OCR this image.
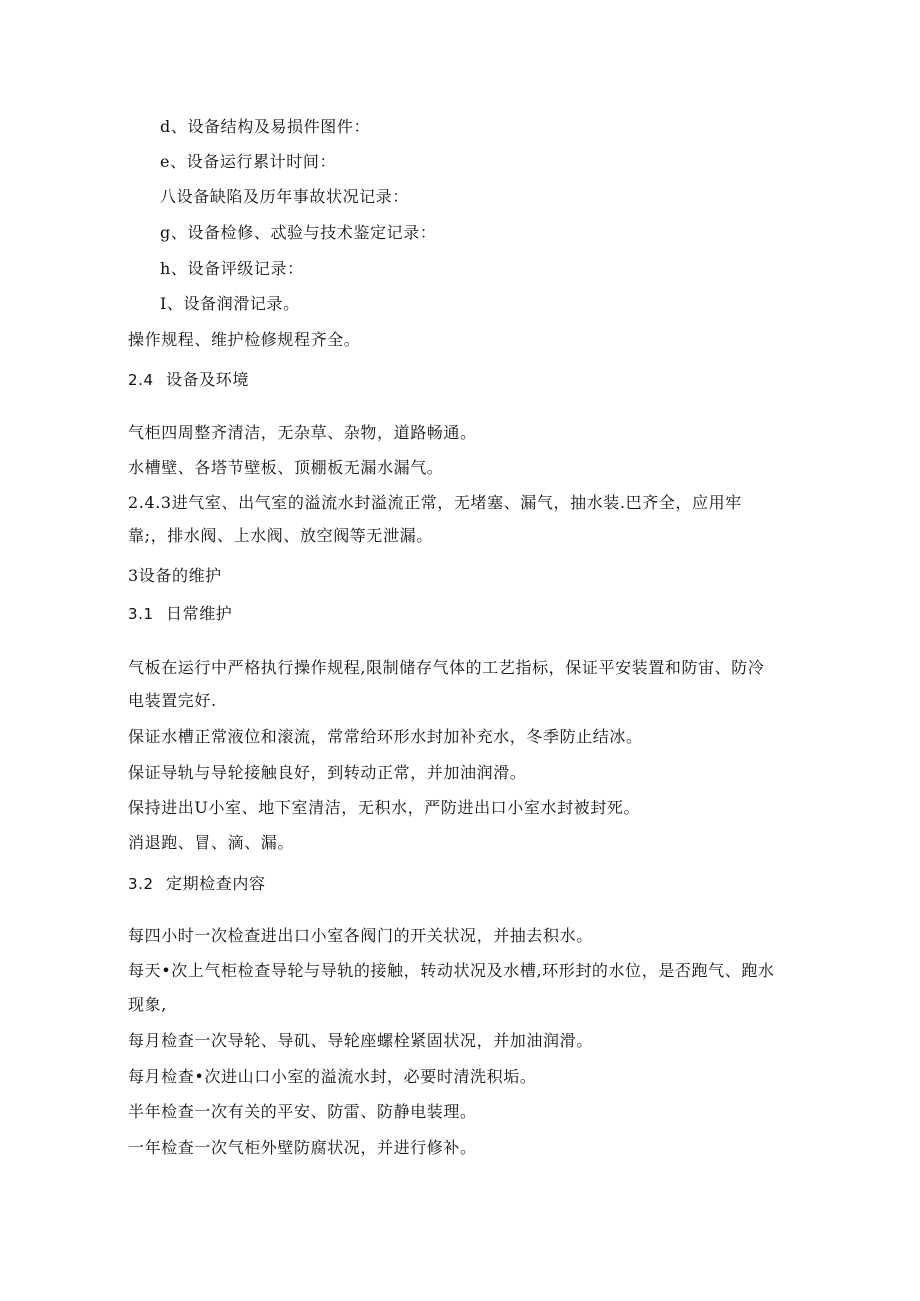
d、设备结构及易损件图件：
e、设备运行累计时间：
八设备缺陷及历年事故状况记录：
g、设备检修、忒验与技术鉴定记录：
h、设备评级记录：
I、设备润滑记录。
操作规程、维护检修规程齐全。
2.4 设备及环境
气柜四周整齐清洁，无杂草、杂物，道路畅通。
水槽壁、各塔节壁板、顶棚板无漏水漏气。
2.4.3进气室、出气室的溢流水封溢流正常，无堵塞、漏气，抽水装.巴齐全，应用牢
靠;，排水阀、上水阀、放空阀等无泄漏。
3设备的维护
3.1 日常维护
气板在运行中严格执行操作规程,限制储存气体的工艺指标，保证平安装置和防宙、防冷
电装置完好.
保证水槽正常液位和滚流，常常给环形水封加补充水，冬季防止结冰。
保证导轨与导轮接触良好，到转动正常，并加油润滑。
保持进出U小室、地下室清洁，无积水，严防进出口小室水封被封死。
消退跑、冒、滴、漏。
3.2 定期检查内容
每四小时一次检查进出口小室各阀门的开关状况，并抽去积水。
每天•次上气柜检查导轮与导轨的接触，转动状况及水槽,环形封的水位，是否跑气、跑水
现象,
每月检查一次导轮、导矶、导轮座螺栓紧固状况，并加油润滑。
每月检查•次进山口小室的溢流水封，必要时清洗积垢。
半年检查一次有关的平安、防雷、防静电装理。
一年检查一次气柜外壁防腐状况，并进行修补。
